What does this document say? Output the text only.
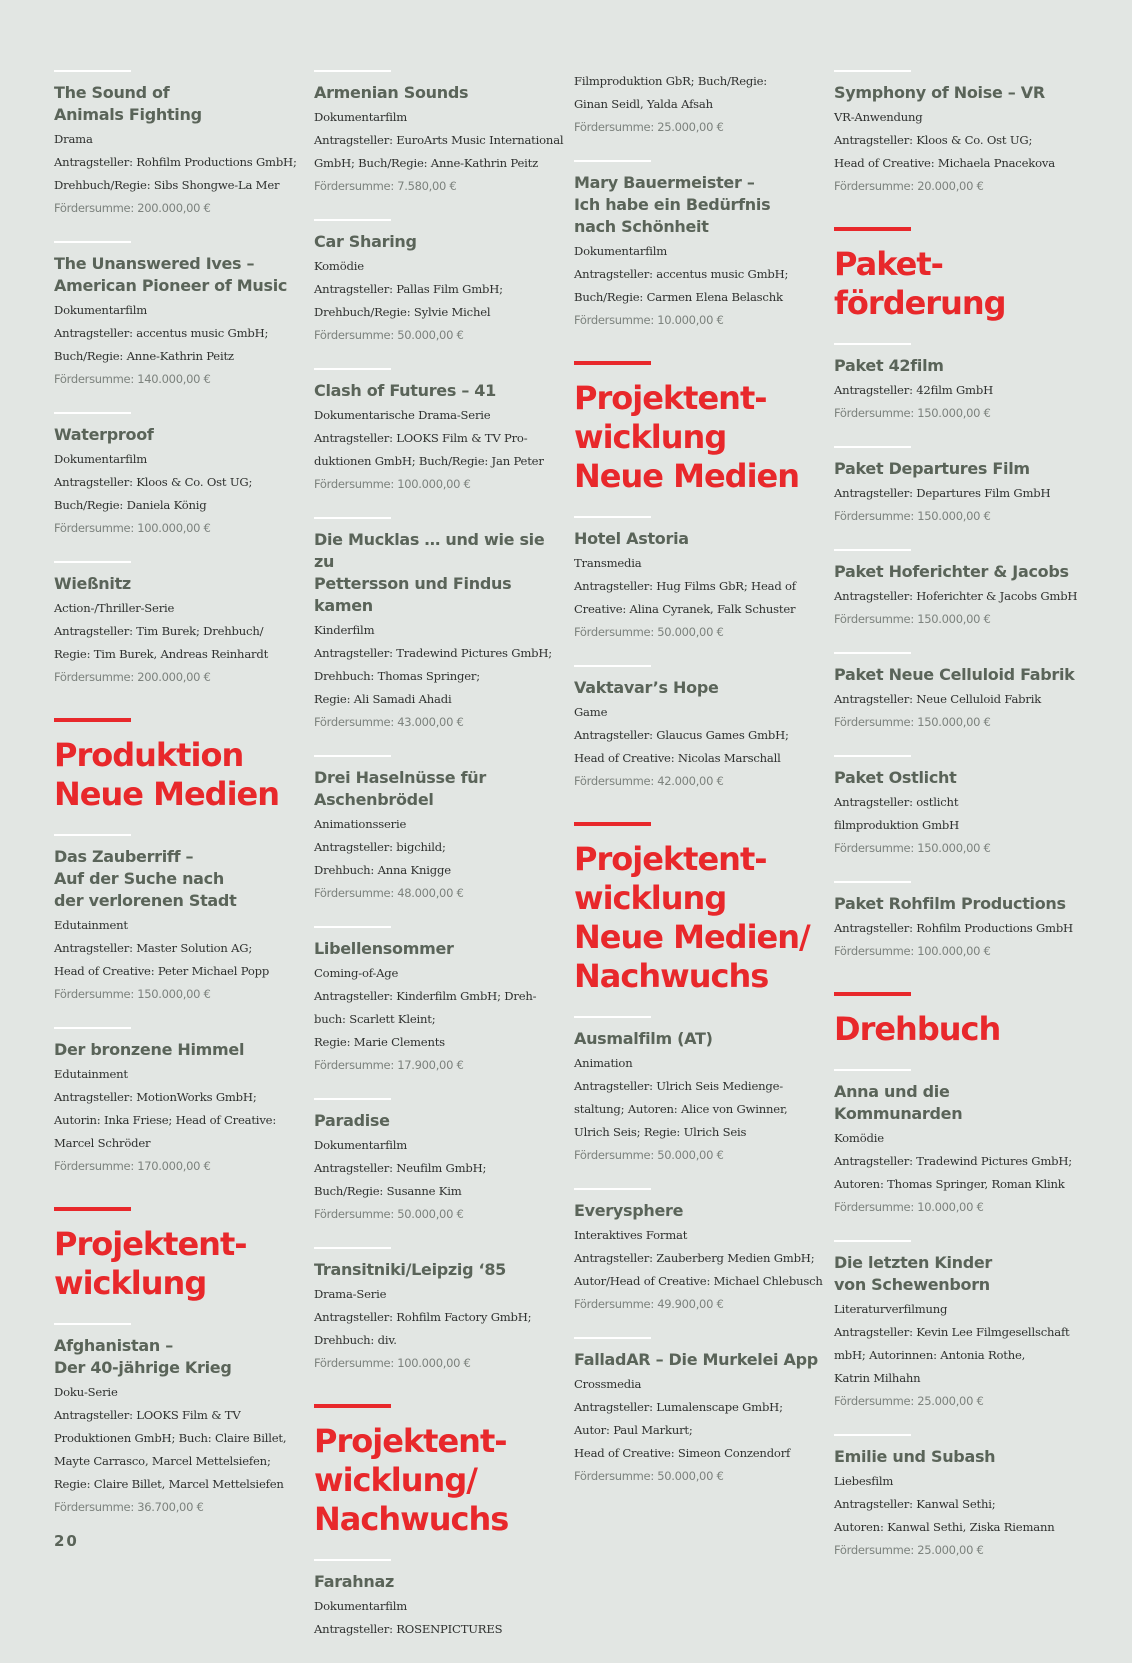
The Sound of
Animals Fighting
Drama
Antragsteller: Rohfilm Productions GmbH;
Drehbuch/Regie: Sibs Shongwe-La Mer
Fördersumme: 200.000,00 €
The Unanswered Ives –
American Pioneer of Music
Dokumentarfilm
Antragsteller: accentus music GmbH;
Buch/Regie: Anne-Kathrin Peitz
Fördersumme: 140.000,00 €
Waterproof
Dokumentarfilm
Antragsteller: Kloos & Co. Ost UG;
Buch/Regie: Daniela König
Fördersumme: 100.000,00 €
Wießnitz
Action-/Thriller-Serie
Antragsteller: Tim Burek; Drehbuch/
Regie: Tim Burek, Andreas Reinhardt
Fördersumme: 200.000,00 €
Produktion
Neue Medien
Das Zauberriff –
Auf der Suche nach
der verlorenen Stadt
Edutainment
Antragsteller: Master Solution AG;
Head of Creative: Peter Michael Popp
Fördersumme: 150.000,00 €
Der bronzene Himmel
Edutainment
Antragsteller: MotionWorks GmbH;
Autorin: Inka Friese; Head of Creative:
Marcel Schröder
Fördersumme: 170.000,00 €
Projektent-
wicklung
Afghanistan –
Der 40-jährige Krieg
Doku-Serie
Antragsteller: LOOKS Film & TV
Produktionen GmbH; Buch: Claire Billet,
Mayte Carrasco, Marcel Mettelsiefen;
Regie: Claire Billet, Marcel Mettelsiefen
Fördersumme: 36.700,00 €
Armenian Sounds
Dokumentarfilm
Antragsteller: EuroArts Music International
GmbH; Buch/Regie: Anne-Kathrin Peitz
Fördersumme: 7.580,00 €
Car Sharing
Komödie
Antragsteller: Pallas Film GmbH;
Drehbuch/Regie: Sylvie Michel
Fördersumme: 50.000,00 €
Clash of Futures – 41
Dokumentarische Drama-Serie
Antragsteller: LOOKS Film & TV Pro-
duktionen GmbH; Buch/Regie: Jan Peter
Fördersumme: 100.000,00 €
Die Mucklas … und wie sie zu
Pettersson und Findus kamen
Kinderfilm
Antragsteller: Tradewind Pictures GmbH;
Drehbuch: Thomas Springer;
Regie: Ali Samadi Ahadi
Fördersumme: 43.000,00 €
Drei Haselnüsse für
Aschenbrödel
Animationsserie
Antragsteller: bigchild;
Drehbuch: Anna Knigge
Fördersumme: 48.000,00 €
Libellensommer
Coming-of-Age
Antragsteller: Kinderfilm GmbH; Dreh-
buch: Scarlett Kleint;
Regie: Marie Clements
Fördersumme: 17.900,00 €
Paradise
Dokumentarfilm
Antragsteller: Neufilm GmbH;
Buch/Regie: Susanne Kim
Fördersumme: 50.000,00 €
Transitniki/Leipzig ‘85
Drama-Serie
Antragsteller: Rohfilm Factory GmbH;
Drehbuch: div.
Fördersumme: 100.000,00 €
Projektent-
wicklung/
Nachwuchs
Farahnaz
Dokumentarfilm
Antragsteller: ROSENPICTURES
Filmproduktion GbR; Buch/Regie:
Ginan Seidl, Yalda Afsah
Fördersumme: 25.000,00 €
Mary Bauermeister –
Ich habe ein Bedürfnis
nach Schönheit
Dokumentarfilm
Antragsteller: accentus music GmbH;
Buch/Regie: Carmen Elena Belaschk
Fördersumme: 10.000,00 €
Projektent-
wicklung
Neue Medien
Hotel Astoria
Transmedia
Antragsteller: Hug Films GbR; Head of
Creative: Alina Cyranek, Falk Schuster
Fördersumme: 50.000,00 €
Vaktavar’s Hope
Game
Antragsteller: Glaucus Games GmbH;
Head of Creative: Nicolas Marschall
Fördersumme: 42.000,00 €
Projektent-
wicklung
Neue Medien/
Nachwuchs
Ausmalfilm (AT)
Animation
Antragsteller: Ulrich Seis Medienge-
staltung; Autoren: Alice von Gwinner,
Ulrich Seis; Regie: Ulrich Seis
Fördersumme: 50.000,00 €
Everysphere
Interaktives Format
Antragsteller: Zauberberg Medien GmbH;
Autor/Head of Creative: Michael Chlebusch
Fördersumme: 49.900,00 €
FalladAR – Die Murkelei App
Crossmedia
Antragsteller: Lumalenscape GmbH;
Autor: Paul Markurt;
Head of Creative: Simeon Conzendorf
Fördersumme: 50.000,00 €
Symphony of Noise – VR
VR-Anwendung
Antragsteller: Kloos & Co. Ost UG;
Head of Creative: Michaela Pnacekova
Fördersumme: 20.000,00 €
Paket-
förderung
Paket 42film
Antragsteller: 42film GmbH
Fördersumme: 150.000,00 €
Paket Departures Film
Antragsteller: Departures Film GmbH
Fördersumme: 150.000,00 €
Paket Hoferichter & Jacobs
Antragsteller: Hoferichter & Jacobs GmbH
Fördersumme: 150.000,00 €
Paket Neue Celluloid Fabrik
Antragsteller: Neue Celluloid Fabrik
Fördersumme: 150.000,00 €
Paket Ostlicht
Antragsteller: ostlicht
filmproduktion GmbH
Fördersumme: 150.000,00 €
Paket Rohfilm Productions
Antragsteller: Rohfilm Productions GmbH
Fördersumme: 100.000,00 €
Drehbuch
Anna und die Kommunarden
Komödie
Antragsteller: Tradewind Pictures GmbH;
Autoren: Thomas Springer, Roman Klink
Fördersumme: 10.000,00 €
Die letzten Kinder
von Schewenborn
Literaturverfilmung
Antragsteller: Kevin Lee Filmgesellschaft
mbH; Autorinnen: Antonia Rothe,
Katrin Milhahn
Fördersumme: 25.000,00 €
Emilie und Subash
Liebesfilm
Antragsteller: Kanwal Sethi;
Autoren: Kanwal Sethi, Ziska Riemann
Fördersumme: 25.000,00 €
20
